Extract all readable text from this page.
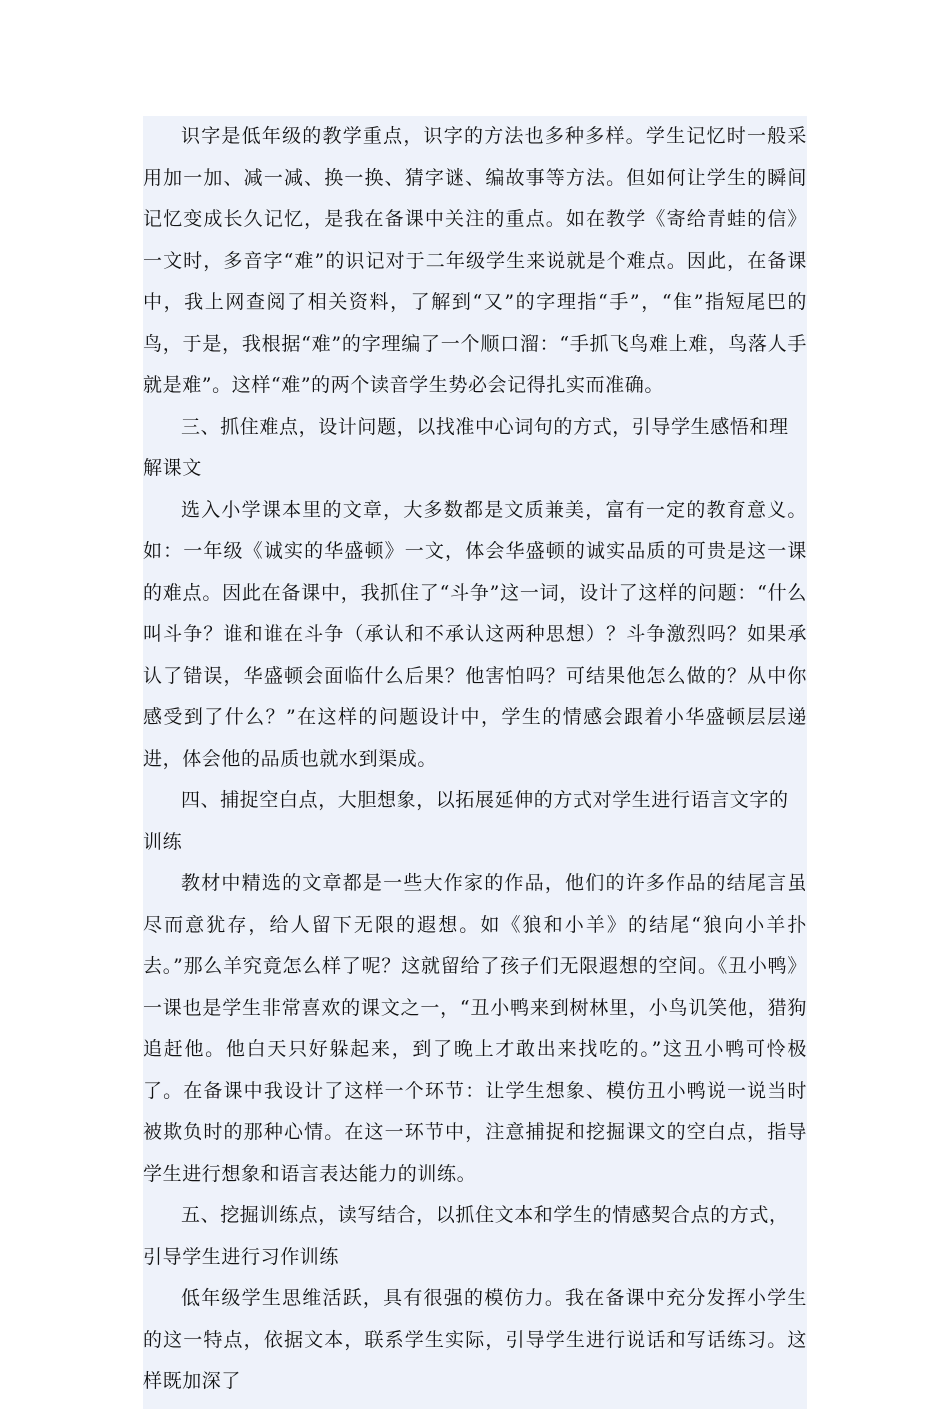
识字是低年级的教学重点，识字的方法也多种多样。学生记忆时一般采用加一加、减一减、换一换、猜字谜、编故事等方法。但如何让学生的瞬间记忆变成长久记忆，是我在备课中关注的重点。如在教学《寄给青蛙的信》一文时，多音字“难”的识记对于二年级学生来说就是个难点。因此，在备课中，我上网查阅了相关资料，了解到“又”的字理指“手”，“隹”指短尾巴的鸟，于是，我根据“难”的字理编了一个顺口溜：“手抓飞鸟难上难，鸟落人手就是难”。这样“难”的两个读音学生势必会记得扎实而准确。

三、抓住难点，设计问题，以找准中心词句的方式，引导学生感悟和理解课文

选入小学课本里的文章，大多数都是文质兼美，富有一定的教育意义。如：一年级《诚实的华盛顿》一文，体会华盛顿的诚实品质的可贵是这一课的难点。因此在备课中，我抓住了“斗争”这一词，设计了这样的问题：“什么叫斗争？谁和谁在斗争（承认和不承认这两种思想）？斗争激烈吗？如果承认了错误，华盛顿会面临什么后果？他害怕吗？可结果他怎么做的？从中你感受到了什么？”在这样的问题设计中，学生的情感会跟着小华盛顿层层递进，体会他的品质也就水到渠成。

四、捕捉空白点，大胆想象，以拓展延伸的方式对学生进行语言文字的训练

教材中精选的文章都是一些大作家的作品，他们的许多作品的结尾言虽尽而意犹存，给人留下无限的遐想。如《狼和小羊》的结尾“狼向小羊扑去。”那么羊究竟怎么样了呢？这就留给了孩子们无限遐想的空间。《丑小鸭》一课也是学生非常喜欢的课文之一，“丑小鸭来到树林里，小鸟讥笑他，猎狗追赶他。他白天只好躲起来，到了晚上才敢出来找吃的。”这丑小鸭可怜极了。在备课中我设计了这样一个环节：让学生想象、模仿丑小鸭说一说当时被欺负时的那种心情。在这一环节中，注意捕捉和挖掘课文的空白点，指导学生进行想象和语言表达能力的训练。

五、挖掘训练点，读写结合，以抓住文本和学生的情感契合点的方式，引导学生进行习作训练

低年级学生思维活跃，具有很强的模仿力。我在备课中充分发挥小学生的这一特点，依据文本，联系学生实际，引导学生进行说话和写话练习。这样既加深了
